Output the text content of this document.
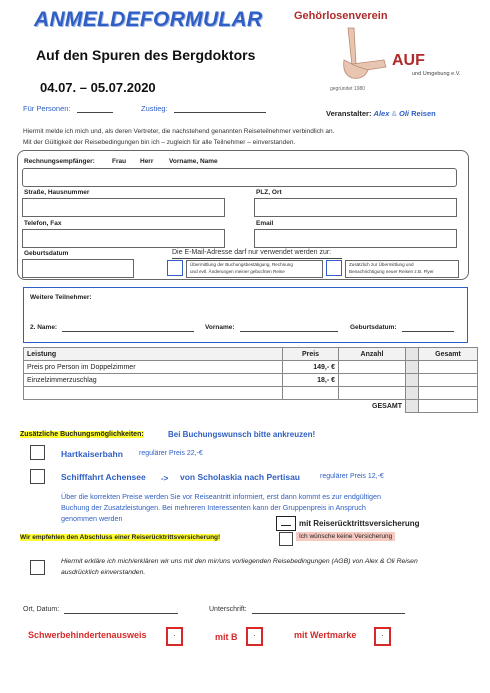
ANMELDEFORMULAR
Auf den Spuren des Bergdoktors
04.07. – 05.07.2020
Gehörlosenverein
AUF
und Umgebung e.V.
gegründet 1980
Für Personen:	Zustieg:
Veranstalter: Alex & Oli Reisen
Hiermit melde ich mich und, als deren Vertreter, die nachstehend genannten Reiseteilnehmer verbindlich an.
Mit der Gültigkeit der Reisebedingungen bin ich – zugleich für alle Teilnehmer – einverstanden.
Rechnungsempfänger:	Frau Herr Vorname, Name
Straße, Hausnummer	PLZ, Ort
Telefon, Fax	Email
Geburtsdatum	Die E-Mail-Adresse darf nur verwendet werden zur:
Übermittlung der Buchungsbestätigung, Rechnung
und evtl. Änderungen meiner gebuchten Reise
Zusätzlich zur Übermittlung und
Benachrichtigung neuer Reisen z.B. Flyer
Weitere Teilnehmer:
2. Name:	Vorname:	Geburtsdatum:
Leistung	Preis	Anzahl		Gesamt
Preis pro Person im Doppelzimmer	149,- €			
Einzelzimmerzuschlag	18,- €			

		GESAMT		
Zusätzliche Buchungsmöglichkeiten:	Bei Buchungswunsch bitte ankreuzen!
Hartkaiserbahn regulärer Preis 22,-€
Schifffahrt Achensee -> von Scholaskia nach Pertisau	regulärer Preis 12,-€
Über die korrekten Preise werden Sie vor Reiseantritt informiert, erst dann kommt es zur endgültigen
Buchung der Zusatzleistungen. Bei mehreren Interessenten kann der Gruppenpreis in Anspruch
genommen werden
mit Reiserücktrittsversicherung
Wir empfehlen den Abschluss einer Reiserücktrittsversicherung!	Ich wünsche keine Versicherung
Hiermit erkläre ich mich/erklären wir uns mit den mir/uns vorliegenden Reisebedingungen (AGB) von Alex & Oli Reisen
ausdrücklich einverstanden.
Ort, Datum:	Unterschrift:
Schwerbehindertenausweis	.	mit B	.	mit Wertmarke	.
